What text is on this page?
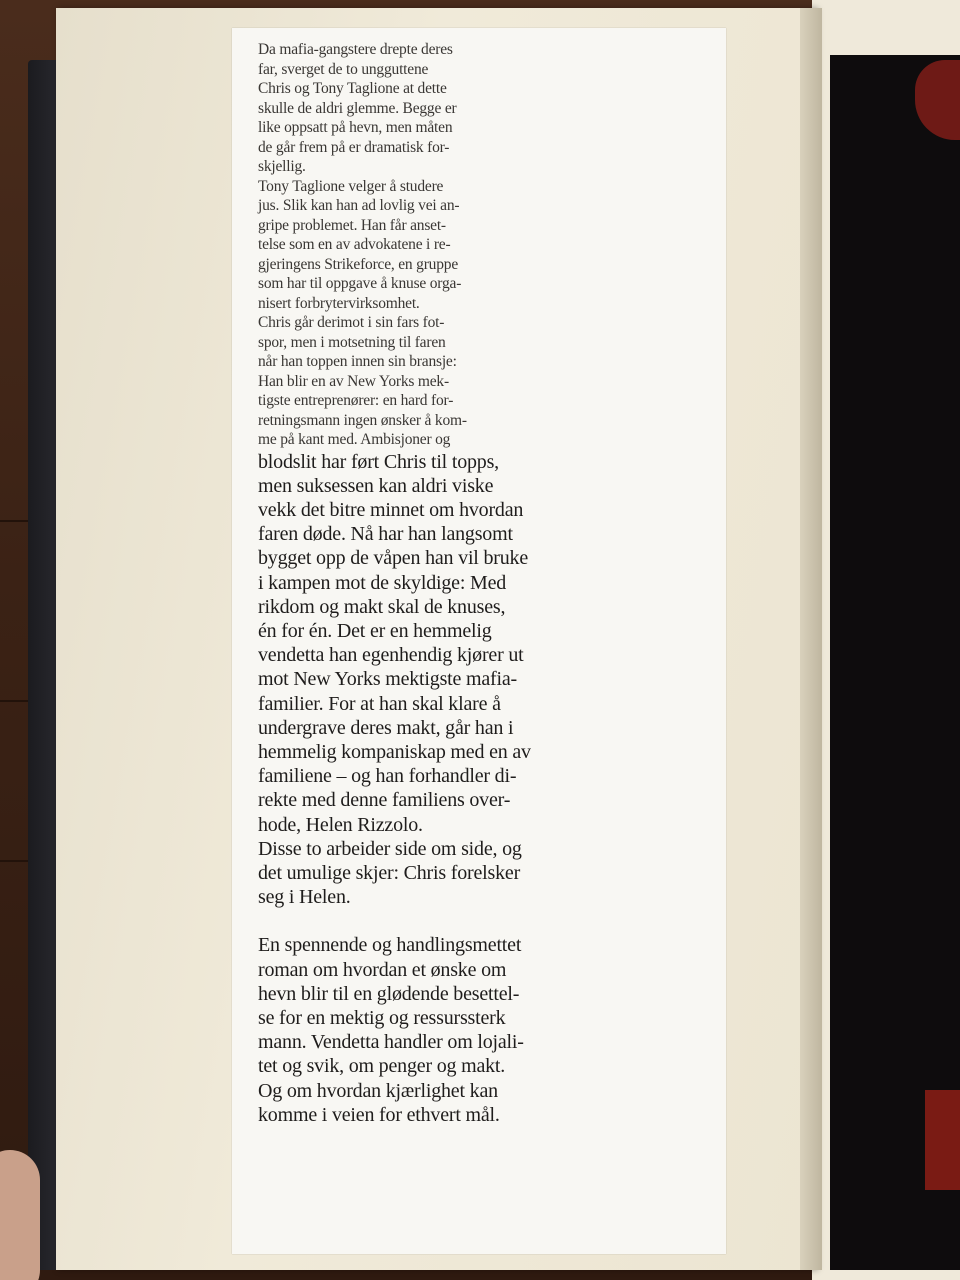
Da mafia-gangstere drepte deres
far, sverget de to ungguttene
Chris og Tony Taglione at dette
skulle de aldri glemme. Begge er
like oppsatt på hevn, men måten
de går frem på er dramatisk for-
skjellig.
Tony Taglione velger å studere
jus. Slik kan han ad lovlig vei an-
gripe problemet. Han får anset-
telse som en av advokatene i re-
gjeringens Strikeforce, en gruppe
som har til oppgave å knuse orga-
nisert forbrytervirksomhet.
Chris går derimot i sin fars fot-
spor, men i motsetning til faren
når han toppen innen sin bransje:
Han blir en av New Yorks mek-
tigste entreprenører: en hard for-
retningsmann ingen ønsker å kom-
me på kant med. Ambisjoner og
blodslit har ført Chris til topps,
men suksessen kan aldri viske
vekk det bitre minnet om hvordan
faren døde. Nå har han langsomt
bygget opp de våpen han vil bruke
i kampen mot de skyldige: Med
rikdom og makt skal de knuses,
én for én. Det er en hemmelig
vendetta han egenhendig kjører ut
mot New Yorks mektigste mafia-
familier. For at han skal klare å
undergrave deres makt, går han i
hemmelig kompaniskap med en av
familiene – og han forhandler di-
rekte med denne familiens over-
hode, Helen Rizzolo.
Disse to arbeider side om side, og
det umulige skjer: Chris forelsker
seg i Helen.
En spennende og handlingsmettet
roman om hvordan et ønske om
hevn blir til en glødende besettel-
se for en mektig og ressurssterk
mann. Vendetta handler om lojali-
tet og svik, om penger og makt.
Og om hvordan kjærlighet kan
komme i veien for ethvert mål.
